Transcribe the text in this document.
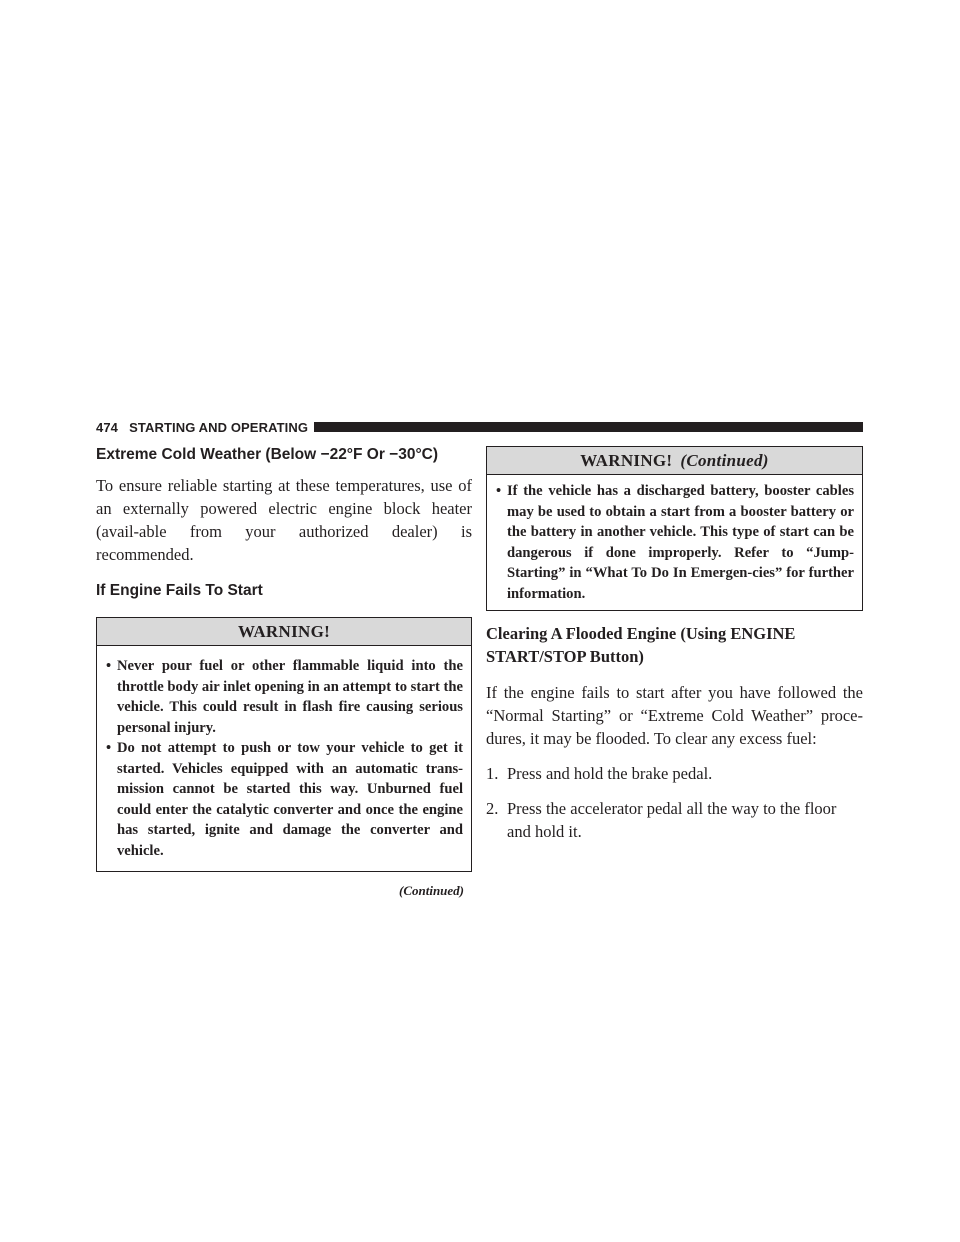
474 STARTING AND OPERATING
Extreme Cold Weather (Below −22°F Or −30°C)

To ensure reliable starting at these temperatures, use of an externally powered electric engine block heater (avail-able from your authorized dealer) is recommended.

If Engine Fails To Start
WARNING!
• Never pour fuel or other flammable liquid into the throttle body air inlet opening in an attempt to start the vehicle. This could result in flash fire causing serious personal injury.
• Do not attempt to push or tow your vehicle to get it started. Vehicles equipped with an automatic trans-mission cannot be started this way. Unburned fuel could enter the catalytic converter and once the engine has started, ignite and damage the converter and vehicle.
(Continued)
WARNING! (Continued)
• If the vehicle has a discharged battery, booster cables may be used to obtain a start from a booster battery or the battery in another vehicle. This type of start can be dangerous if done improperly. Refer to “Jump-Starting” in “What To Do In Emergen-cies” for further information.
Clearing A Flooded Engine (Using ENGINE
START/STOP Button)

If the engine fails to start after you have followed the “Normal Starting” or “Extreme Cold Weather” proce-dures, it may be flooded. To clear any excess fuel:

1. Press and hold the brake pedal.
2. Press the accelerator pedal all the way to the floor and hold it.
